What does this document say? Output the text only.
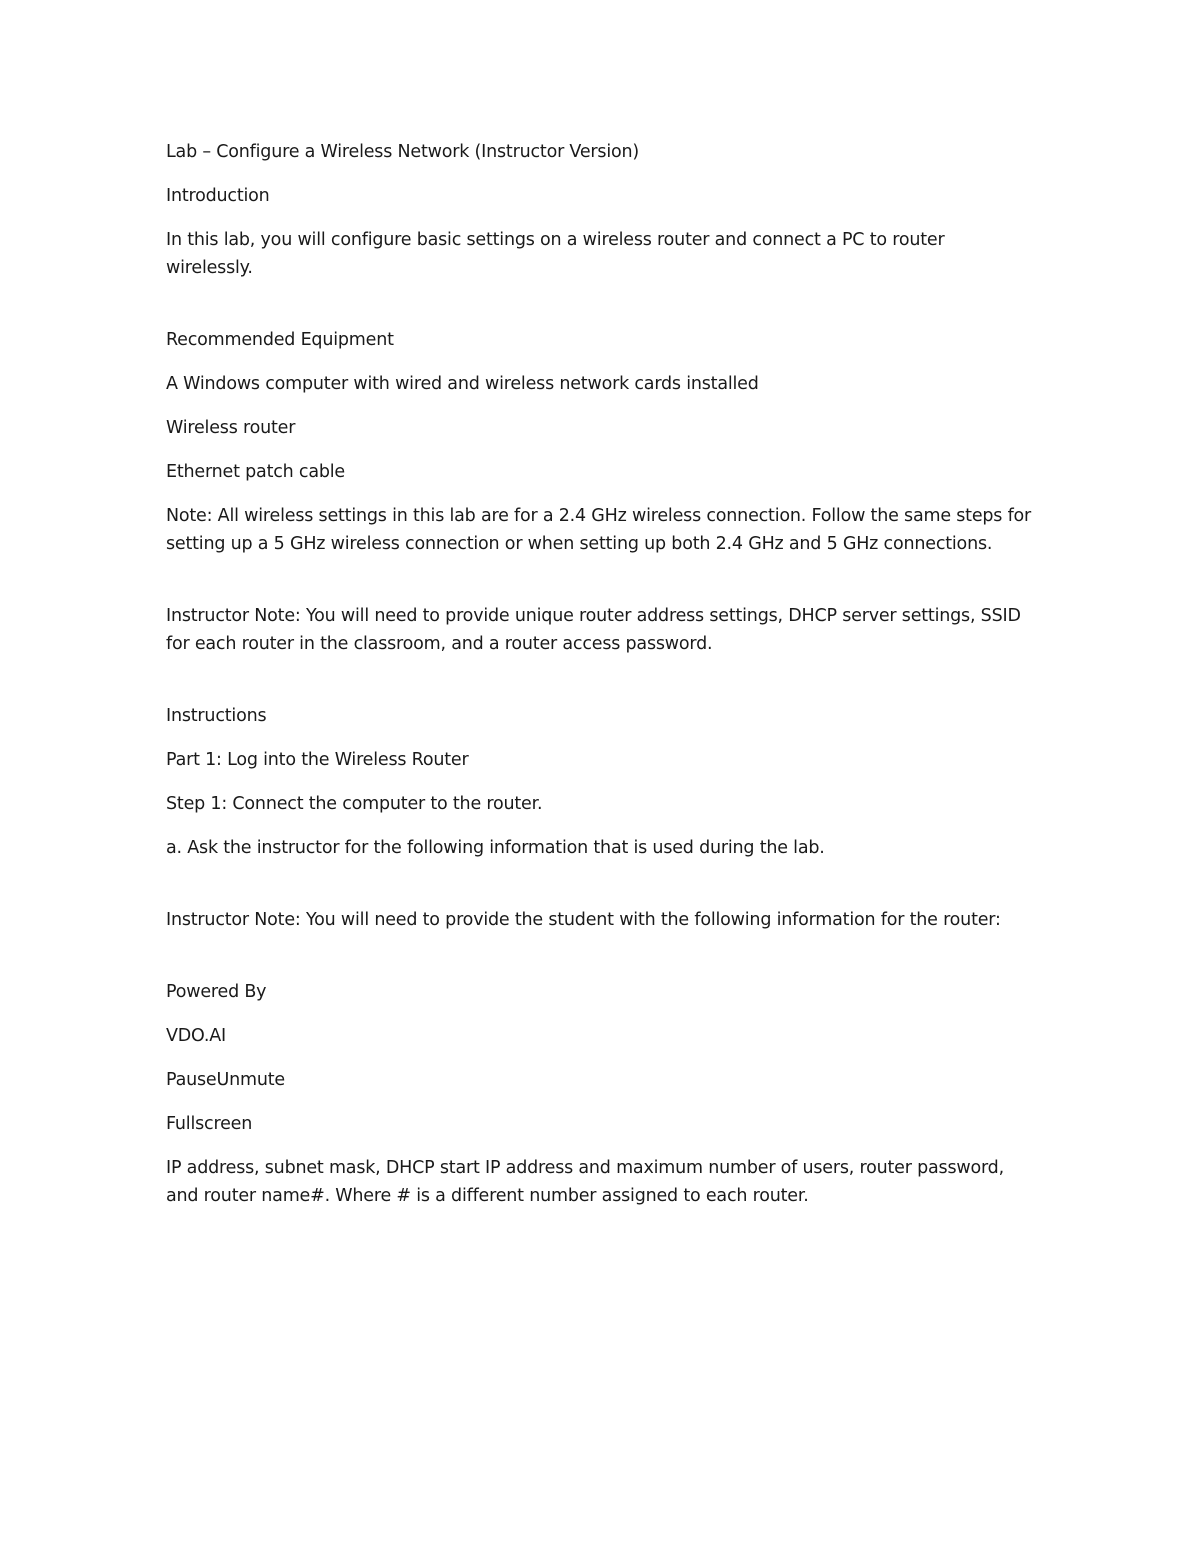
Lab – Configure a Wireless Network (Instructor Version)

Introduction

In this lab, you will configure basic settings on a wireless router and connect a PC to router wirelessly.

Recommended Equipment

A Windows computer with wired and wireless network cards installed

Wireless router

Ethernet patch cable

Note: All wireless settings in this lab are for a 2.4 GHz wireless connection. Follow the same steps for setting up a 5 GHz wireless connection or when setting up both 2.4 GHz and 5 GHz connections.

Instructor Note: You will need to provide unique router address settings, DHCP server settings, SSID for each router in the classroom, and a router access password.

Instructions

Part 1: Log into the Wireless Router

Step 1: Connect the computer to the router.

a. Ask the instructor for the following information that is used during the lab.

Instructor Note: You will need to provide the student with the following information for the router:

Powered By

VDO.AI

PauseUnmute

Fullscreen

IP address, subnet mask, DHCP start IP address and maximum number of users, router password, and router name#. Where # is a different number assigned to each router.
